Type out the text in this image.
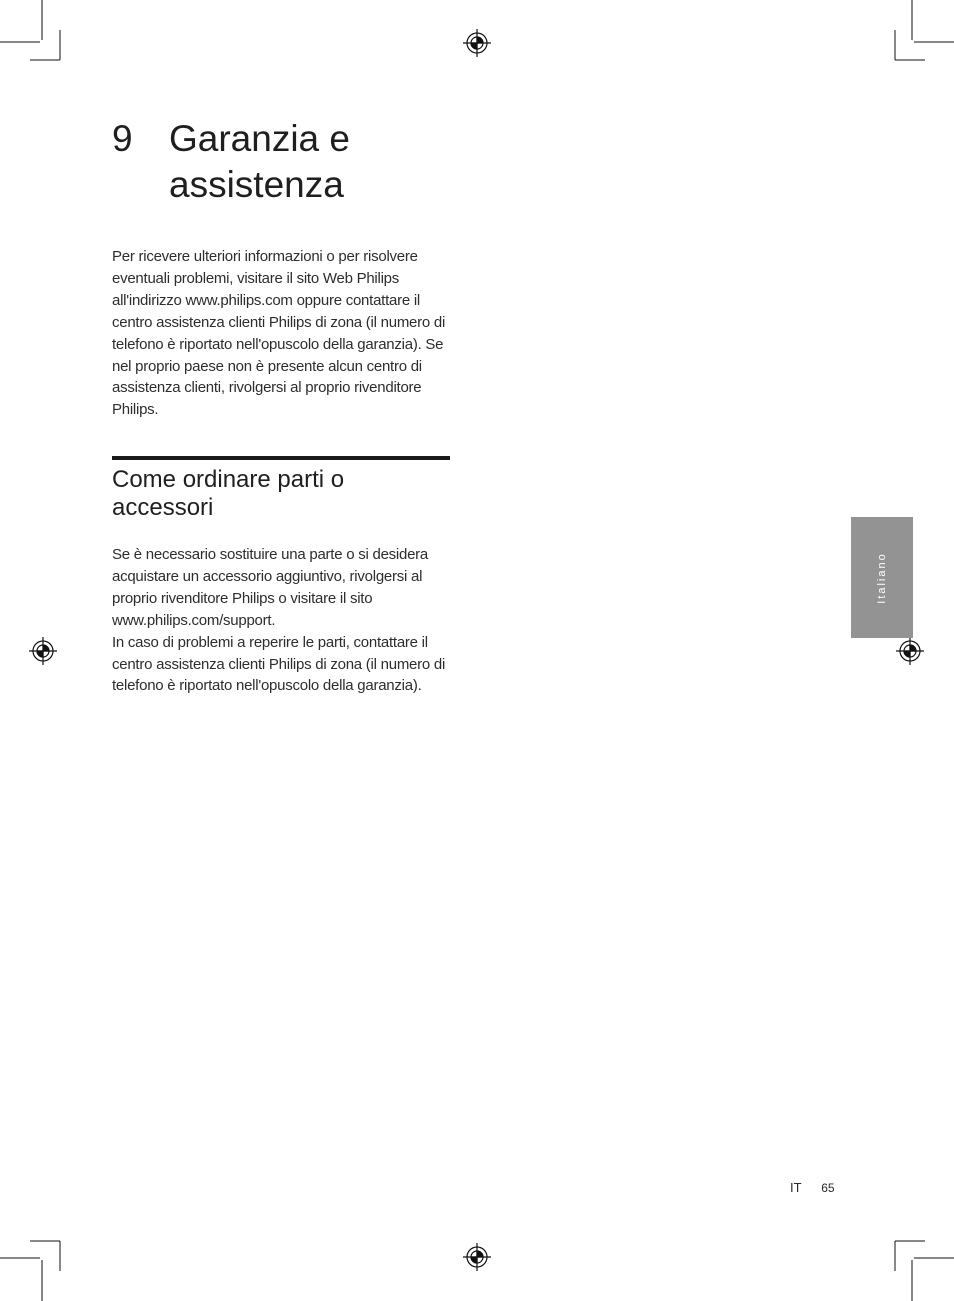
9 Garanzia e assistenza

Per ricevere ulteriori informazioni o per risolvere eventuali problemi, visitare il sito Web Philips all'indirizzo www.philips.com oppure contattare il centro assistenza clienti Philips di zona (il numero di telefono è riportato nell'opuscolo della garanzia). Se nel proprio paese non è presente alcun centro di assistenza clienti, rivolgersi al proprio rivenditore Philips.

Come ordinare parti o accessori

Se è necessario sostituire una parte o si desidera acquistare un accessorio aggiuntivo, rivolgersi al proprio rivenditore Philips o visitare il sito www.philips.com/support.
In caso di problemi a reperire le parti, contattare il centro assistenza clienti Philips di zona (il numero di telefono è riportato nell'opuscolo della garanzia).

Italiano
IT 65
